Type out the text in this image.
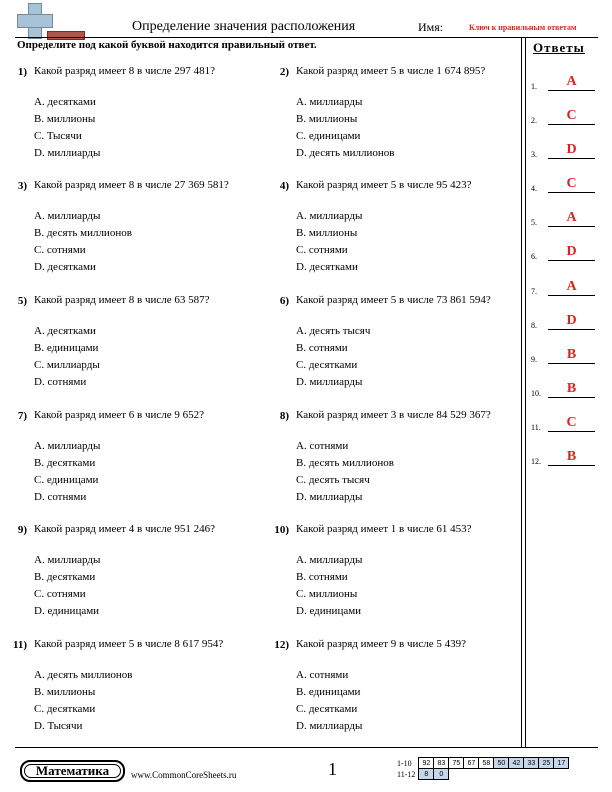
Определение значения расположения	Имя:	Ключ к правильным ответам
Определите под какой буквой находится правильный ответ.
1) Какой разряд имеет 8 в числе 297 481?
A. десятками
B. миллионы
C. Тысячи
D. миллиарды
2) Какой разряд имеет 5 в числе 1 674 895?
A. миллиарды
B. миллионы
C. единицами
D. десять миллионов
3) Какой разряд имеет 8 в числе 27 369 581?
A. миллиарды
B. десять миллионов
C. сотнями
D. десятками
4) Какой разряд имеет 5 в числе 95 423?
A. миллиарды
B. миллионы
C. сотнями
D. десятками
5) Какой разряд имеет 8 в числе 63 587?
A. десятками
B. единицами
C. миллиарды
D. сотнями
6) Какой разряд имеет 5 в числе 73 861 594?
A. десять тысяч
B. сотнями
C. десятками
D. миллиарды
7) Какой разряд имеет 6 в числе 9 652?
A. миллиарды
B. десятками
C. единицами
D. сотнями
8) Какой разряд имеет 3 в числе 84 529 367?
A. сотнями
B. десять миллионов
C. десять тысяч
D. миллиарды
9) Какой разряд имеет 4 в числе 951 246?
A. миллиарды
B. десятками
C. сотнями
D. единицами
10) Какой разряд имеет 1 в числе 61 453?
A. миллиарды
B. сотнями
C. миллионы
D. единицами
11) Какой разряд имеет 5 в числе 8 617 954?
A. десять миллионов
B. миллионы
C. десятками
D. Тысячи
12) Какой разряд имеет 9 в числе 5 439?
A. сотнями
B. единицами
C. десятками
D. миллиарды
Ответы
1.	A
2.	C
3.	D
4.	C
5.	A
6.	D
7.	A
8.	D
9.	B
10.	B
11.	C
12.	B
Математика	www.CommonCoreSheets.ru	1	1-10	92	83	75	67	58	50	42	33	25	17
11-12	8	0								
